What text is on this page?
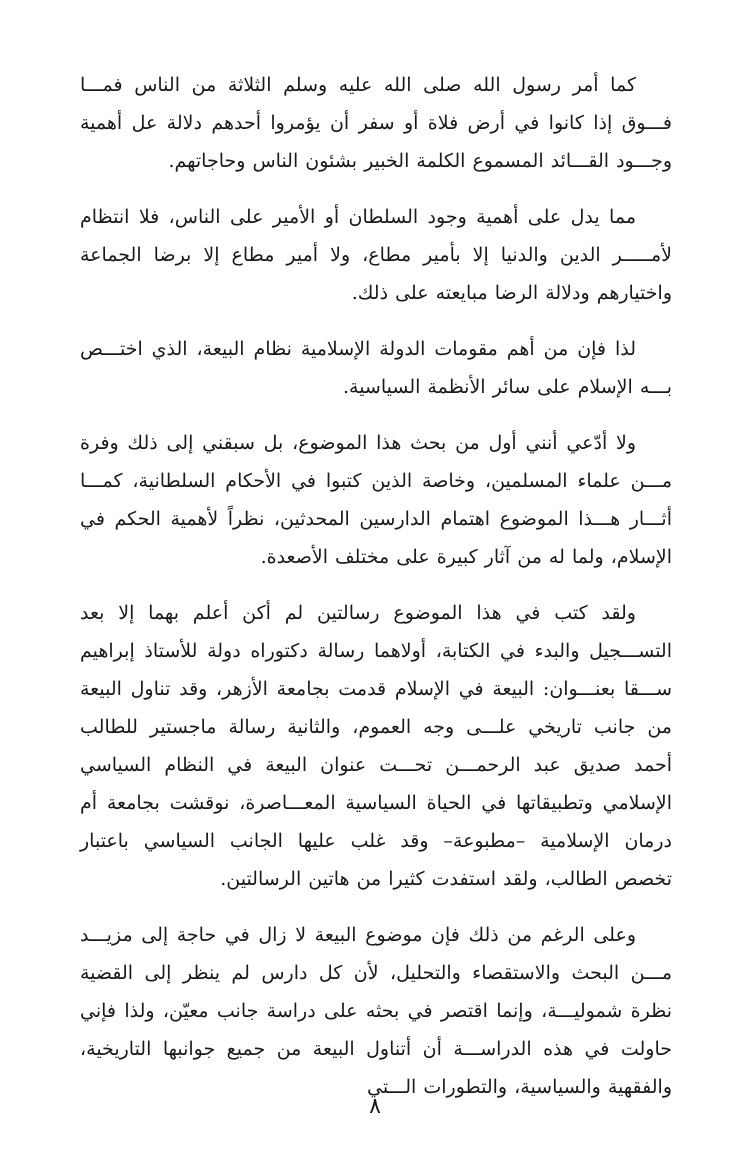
كما أمر رسول الله صلى الله عليه وسلم الثلاثة من الناس فمـــا فـــوق إذا كانوا في أرض فلاة أو سفر أن يؤمروا أحدهم دلالة عل أهمية وجـــود القـــائد المسموع الكلمة الخبير بشئون الناس وحاجاتهم.

مما يدل على أهمية وجود السلطان أو الأمير على الناس، فلا انتظام لأمـــــر الدين والدنيا إلا بأمير مطاع، ولا أمير مطاع إلا برضا الجماعة واختيارهم ودلالة الرضا مبايعته على ذلك.

لذا فإن من أهم مقومات الدولة الإسلامية نظام البيعة، الذي اختـــص بـــه الإسلام على سائر الأنظمة السياسية.

ولا أدّعي أنني أول من بحث هذا الموضوع، بل سبقني إلى ذلك وفرة مـــن علماء المسلمين، وخاصة الذين كتبوا في الأحكام السلطانية، كمـــا أثـــار هـــذا الموضوع اهتمام الدارسين المحدثين، نظراً لأهمية الحكم في الإسلام، ولما له من آثار كبيرة على مختلف الأصعدة.

ولقد كتب في هذا الموضوع رسالتين لم أكن أعلم بهما إلا بعد التســـجيل والبدء في الكتابة، أولاهما رسالة دكتوراه دولة للأستاذ إبراهيم ســـقا بعنـــوان: البيعة في الإسلام قدمت بجامعة الأزهر، وقد تناول البيعة من جانب تاريخي علـــى وجه العموم، والثانية رسالة ماجستير للطالب أحمد صديق عبد الرحمـــن تحـــت عنوان البيعة في النظام السياسي الإسلامي وتطبيقاتها في الحياة السياسية المعـــاصرة، نوقشت بجامعة أم درمان الإسلامية –مطبوعة– وقد غلب عليها الجانب السياسي باعتبار تخصص الطالب، ولقد استفدت كثيرا من هاتين الرسالتين.

وعلى الرغم من ذلك فإن موضوع البيعة لا زال في حاجة إلى مزيـــد مـــن البحث والاستقصاء والتحليل، لأن كل دارس لم ينظر إلى القضية نظرة شموليـــة، وإنما اقتصر في بحثه على دراسة جانب معيّن، ولذا فإني حاولت في هذه الدراســـة أن أتناول البيعة من جميع جوانبها التاريخية، والفقهية والسياسية، والتطورات الـــتي

٨
